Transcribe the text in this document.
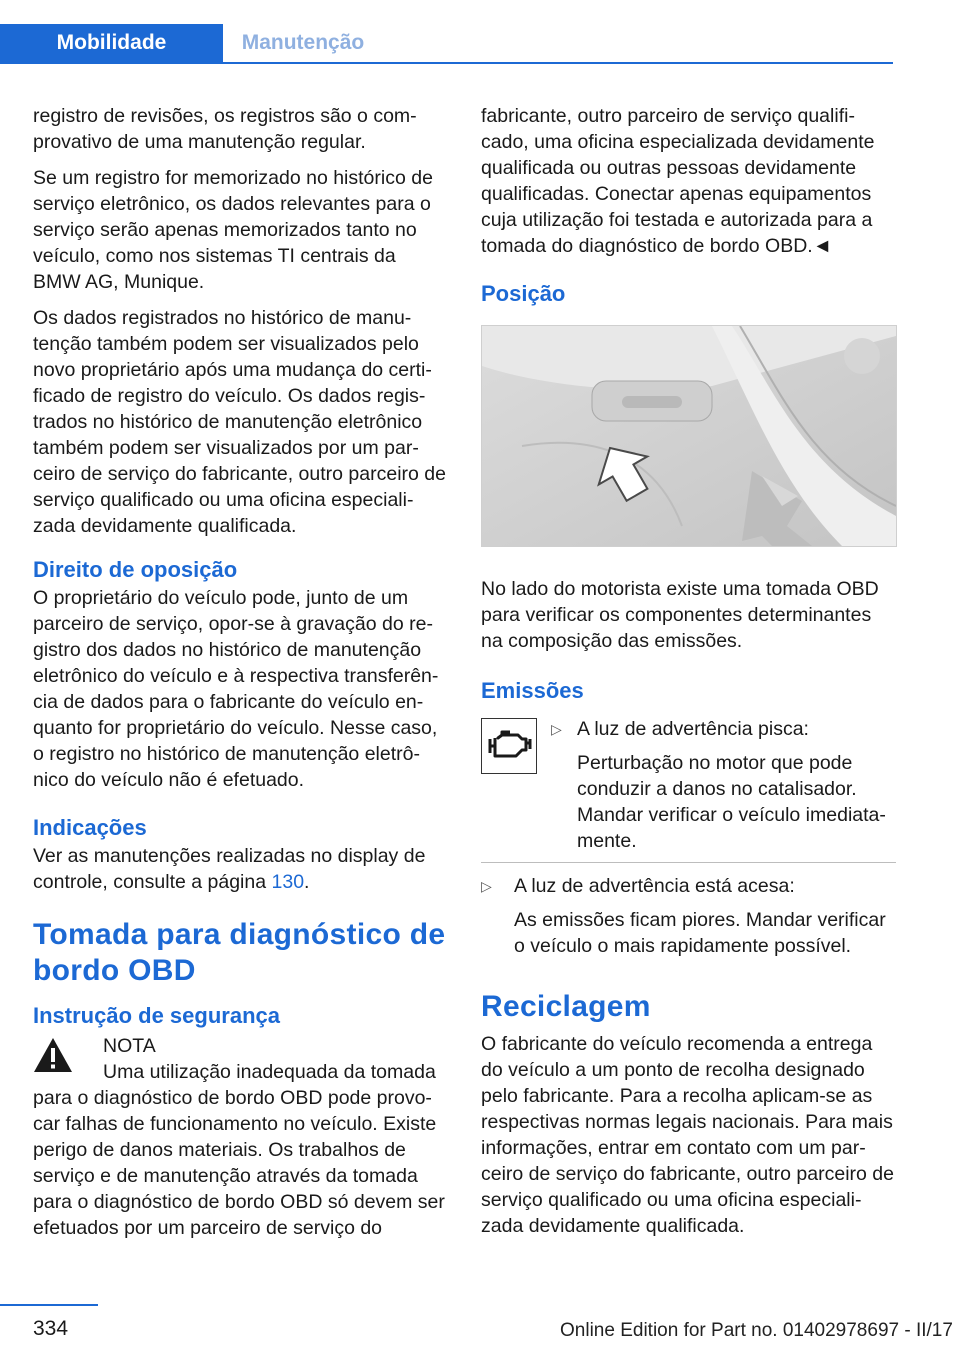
Mobilidade	Manutenção

registro de revisões, os registros são o com-provativo de uma manutenção regular.

Se um registro for memorizado no histórico de serviço eletrônico, os dados relevantes para o serviço serão apenas memorizados tanto no veículo, como nos sistemas TI centrais da BMW AG, Munique.

Os dados registrados no histórico de manu-tenção também podem ser visualizados pelo novo proprietário após uma mudança do certi-ficado de registro do veículo. Os dados regis-trados no histórico de manutenção eletrônico também podem ser visualizados por um par-ceiro de serviço do fabricante, outro parceiro de serviço qualificado ou uma oficina especiali-zada devidamente qualificada.

Direito de oposição

O proprietário do veículo pode, junto de um parceiro de serviço, opor-se à gravação do re-gistro dos dados no histórico de manutenção eletrônico do veículo e à respectiva transferên-cia de dados para o fabricante do veículo en-quanto for proprietário do veículo. Nesse caso, o registro no histórico de manutenção eletrô-nico do veículo não é efetuado.

Indicações

Ver as manutenções realizadas no display de controle, consulte a página 130.

Tomada para diagnóstico de bordo OBD
Instrução de segurança
NOTA
Uma utilização inadequada da tomada para o diagnóstico de bordo OBD pode provo-car falhas de funcionamento no veículo. Existe perigo de danos materiais. Os trabalhos de serviço e de manutenção através da tomada para o diagnóstico de bordo OBD só devem ser efetuados por um parceiro de serviço do

fabricante, outro parceiro de serviço qualifi-cado, uma oficina especializada devidamente qualificada ou outras pessoas devidamente qualificadas. Conectar apenas equipamentos cuja utilização foi testada e autorizada para a tomada do diagnóstico de bordo OBD.◄

Posição

No lado do motorista existe uma tomada OBD para verificar os componentes determinantes na composição das emissões.

Emissões
▷ A luz de advertência pisca:
Perturbação no motor que pode conduzir a danos no catalisador. Mandar verificar o veículo imediata-mente.
▷ A luz de advertência está acesa:
As emissões ficam piores. Mandar verificar o veículo o mais rapidamente possível.
Reciclagem

O fabricante do veículo recomenda a entrega do veículo a um ponto de recolha designado pelo fabricante. Para a recolha aplicam-se as respectivas normas legais nacionais. Para mais informações, entrar em contato com um par-ceiro de serviço do fabricante, outro parceiro de serviço qualificado ou uma oficina especiali-zada devidamente qualificada.

334	Online Edition for Part no. 01402978697 - II/17
